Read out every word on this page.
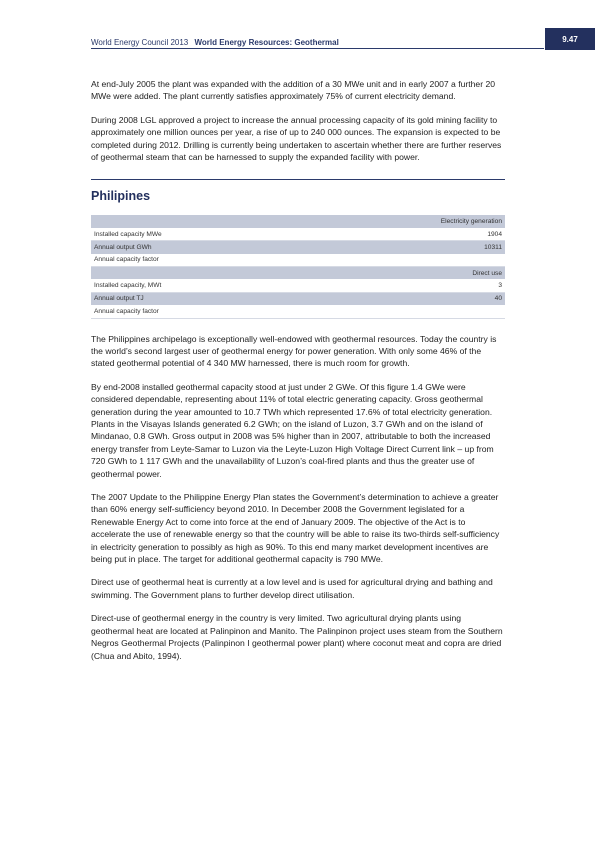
World Energy Council 2013 World Energy Resources: Geothermal	9.47

At end-July 2005 the plant was expanded with the addition of a 30 MWe unit and in early 2007 a further 20 MWe were added. The plant currently satisfies approximately 75% of current electricity demand.

During 2008 LGL approved a project to increase the annual processing capacity of its gold mining facility to approximately one million ounces per year, a rise of up to 240 000 ounces. The expansion is expected to be completed during 2012. Drilling is currently being undertaken to ascertain whether there are further reserves of geothermal steam that can be harnessed to supply the expanded facility with power.

Philipines
Electricity generation	
Installed capacity MWe	1904
Annual output GWh	10311
Annual capacity factor	
Direct use	
Installed capacity, MWt	3
Annual output TJ	40
Annual capacity factor	

The Philippines archipelago is exceptionally well-endowed with geothermal resources. Today the country is the world’s second largest user of geothermal energy for power generation. With only some 46% of the stated geothermal potential of 4 340 MW harnessed, there is much room for growth.

By end-2008 installed geothermal capacity stood at just under 2 GWe. Of this figure 1.4 GWe were considered dependable, representing about 11% of total electric generating capacity. Gross geothermal generation during the year amounted to 10.7 TWh which represented 17.6% of total electricity generation. Plants in the Visayas Islands generated 6.2 GWh; on the island of Luzon, 3.7 GWh and on the island of Mindanao, 0.8 GWh. Gross output in 2008 was 5% higher than in 2007, attributable to both the increased energy transfer from Leyte-Samar to Luzon via the Leyte-Luzon High Voltage Direct Current link – up from 720 GWh to 1 117 GWh and the unavailability of Luzon’s coal-fired plants and thus the greater use of geothermal power.

The 2007 Update to the Philippine Energy Plan states the Government’s determination to achieve a greater than 60% energy self-sufficiency beyond 2010. In December 2008 the Government legislated for a Renewable Energy Act to come into force at the end of January 2009. The objective of the Act is to accelerate the use of renewable energy so that the country will be able to raise its two-thirds self-sufficiency in electricity generation to possibly as high as 90%. To this end many market development incentives are being put in place. The target for additional geothermal capacity is 790 MWe.

Direct use of geothermal heat is currently at a low level and is used for agricultural drying and bathing and swimming. The Government plans to further develop direct utilisation.

Direct-use of geothermal energy in the country is very limited. Two agricultural drying plants using geothermal heat are located at Palinpinon and Manito. The Palinpinon project uses steam from the Southern Negros Geothermal Projects (Palinpinon I geothermal power plant) where coconut meat and copra are dried (Chua and Abito, 1994).
